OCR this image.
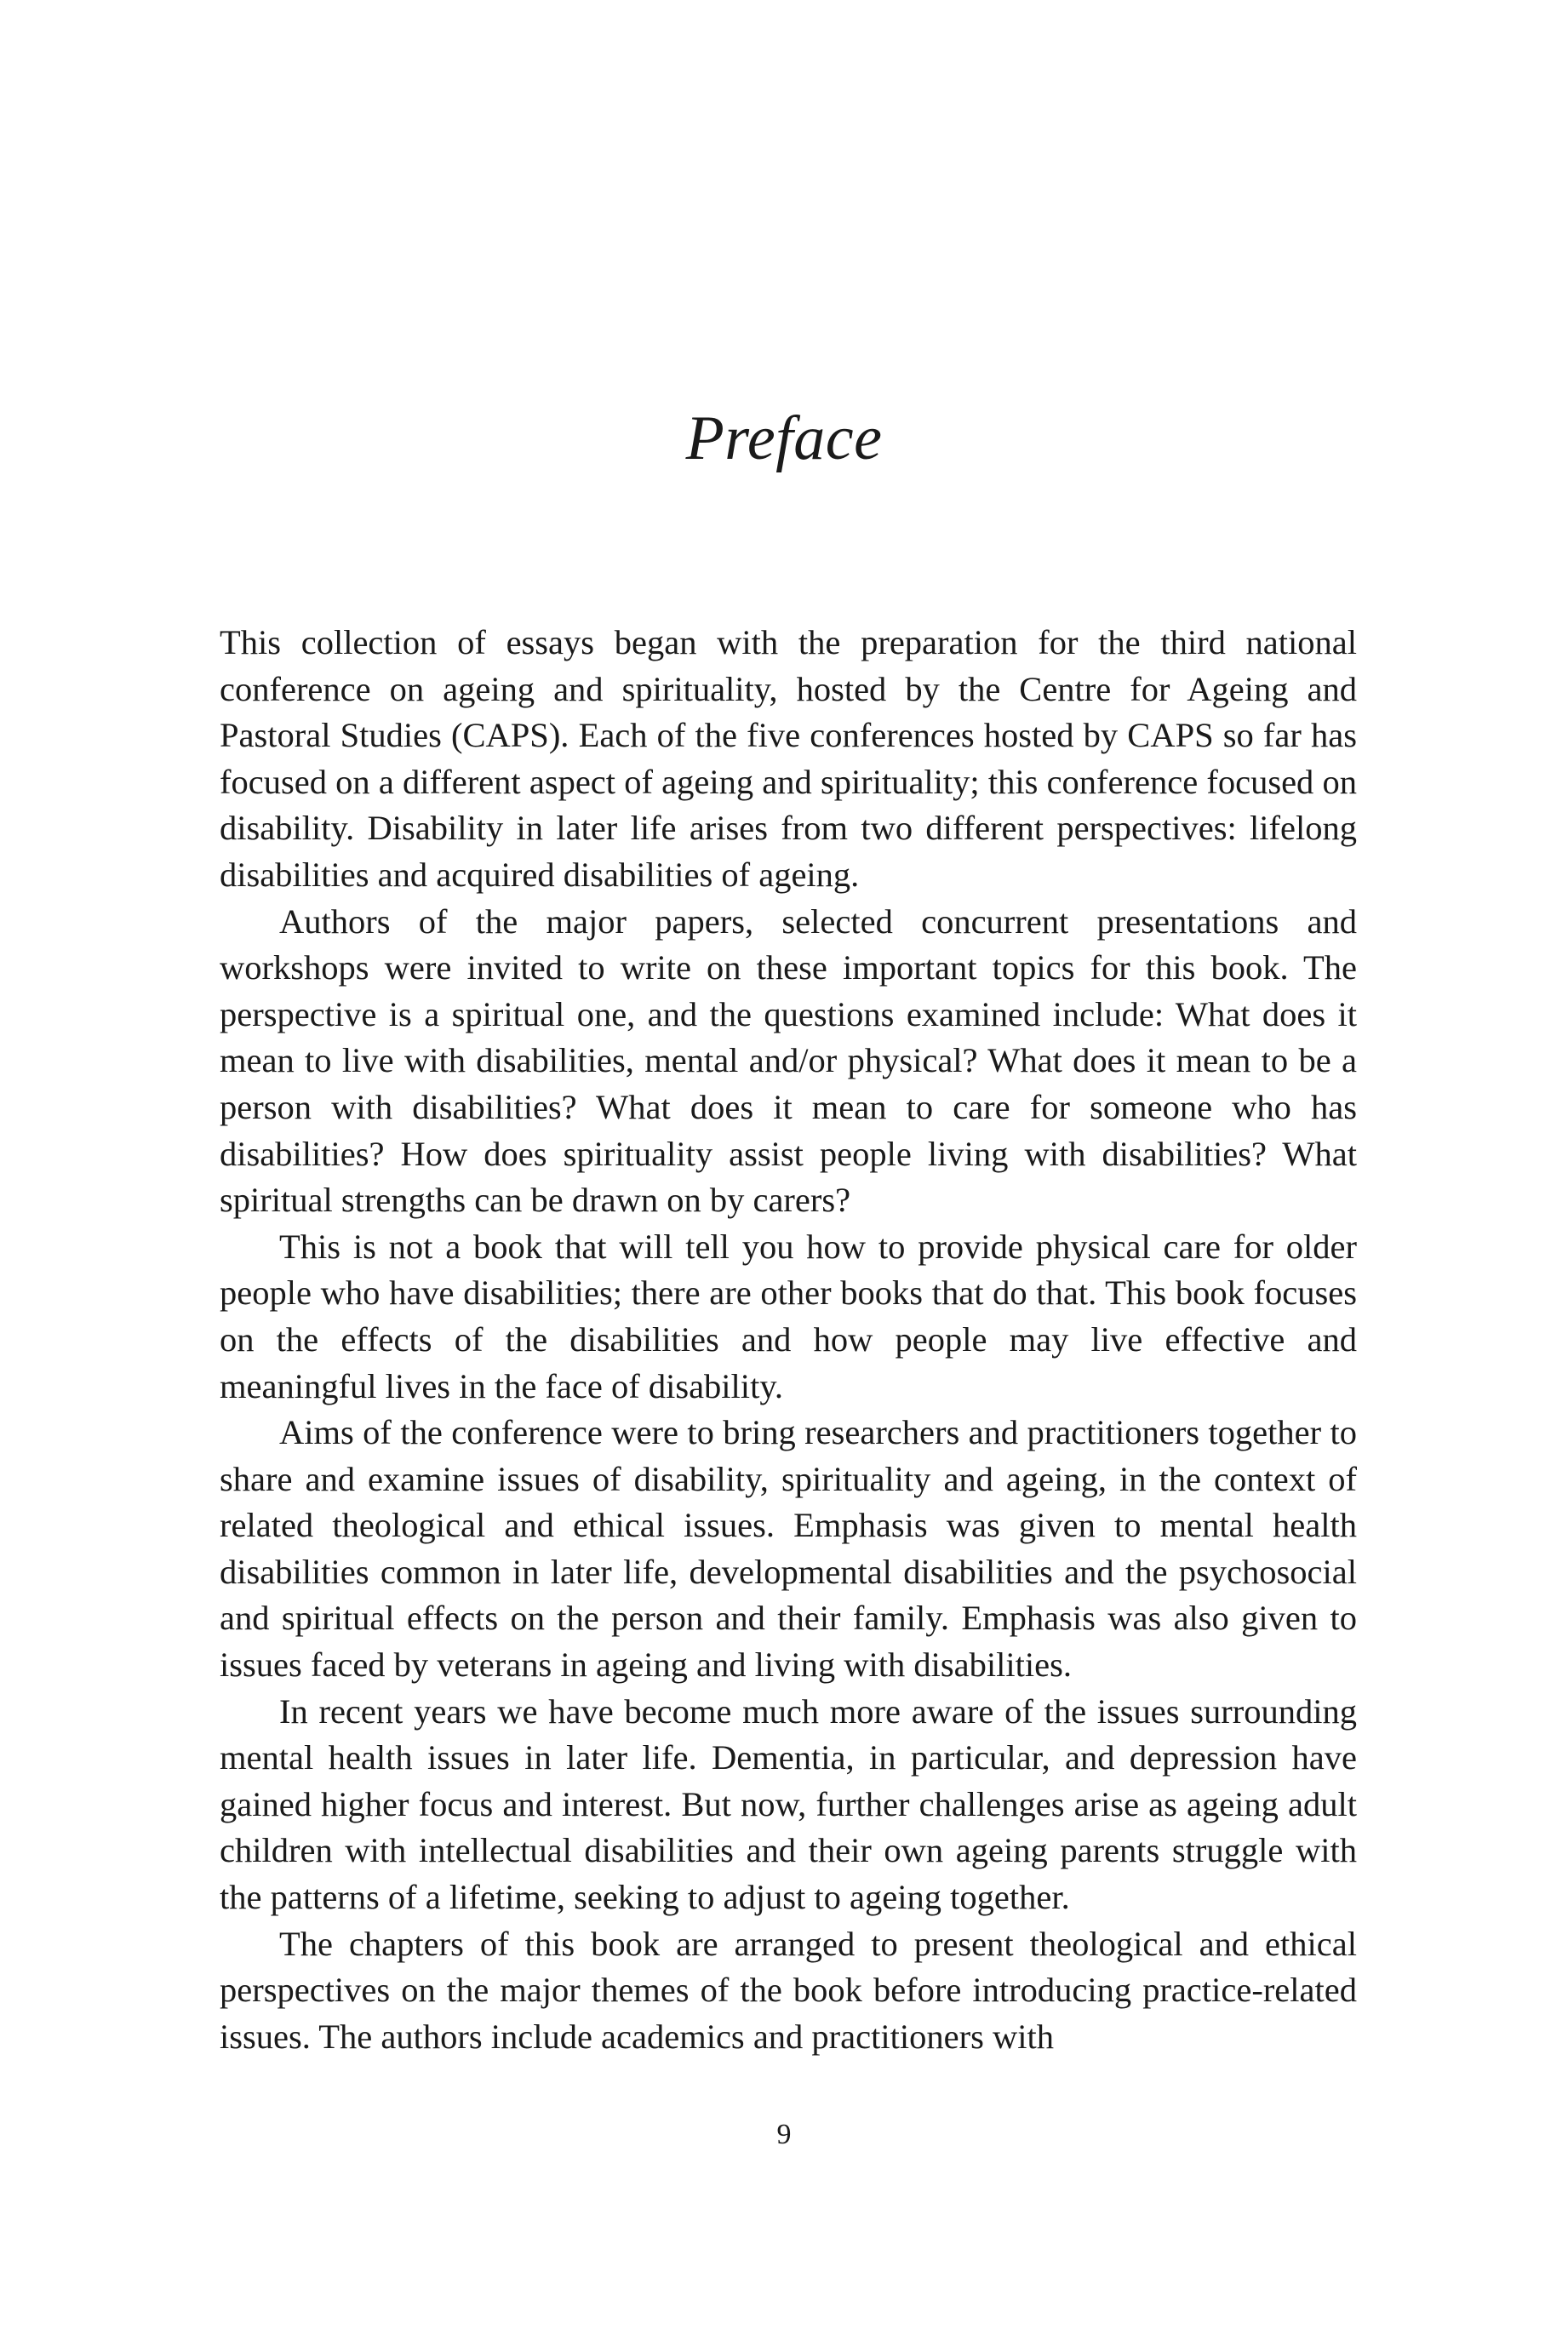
Preface

This collection of essays began with the preparation for the third national conference on ageing and spirituality, hosted by the Centre for Ageing and Pastoral Studies (CAPS). Each of the five conferences hosted by CAPS so far has focused on a different aspect of ageing and spirituality; this conference focused on disability. Disability in later life arises from two different perspectives: lifelong disabilities and acquired disabilities of ageing.

Authors of the major papers, selected concurrent presentations and workshops were invited to write on these important topics for this book. The perspective is a spiritual one, and the questions examined include: What does it mean to live with disabilities, mental and/or physical? What does it mean to be a person with disabilities? What does it mean to care for someone who has disabilities? How does spirituality assist people living with disabilities? What spiritual strengths can be drawn on by carers?

This is not a book that will tell you how to provide physical care for older people who have disabilities; there are other books that do that. This book focuses on the effects of the disabilities and how people may live effective and meaningful lives in the face of disability.

Aims of the conference were to bring researchers and practitioners together to share and examine issues of disability, spirituality and ageing, in the context of related theological and ethical issues. Emphasis was given to mental health disabilities common in later life, developmental disabilities and the psychosocial and spiritual effects on the person and their family. Emphasis was also given to issues faced by veterans in ageing and living with disabilities.

In recent years we have become much more aware of the issues surrounding mental health issues in later life. Dementia, in particular, and depression have gained higher focus and interest. But now, further challenges arise as ageing adult children with intellectual disabilities and their own ageing parents struggle with the patterns of a lifetime, seeking to adjust to ageing together.

The chapters of this book are arranged to present theological and ethical perspectives on the major themes of the book before introducing practice-related issues. The authors include academics and practitioners with

9
